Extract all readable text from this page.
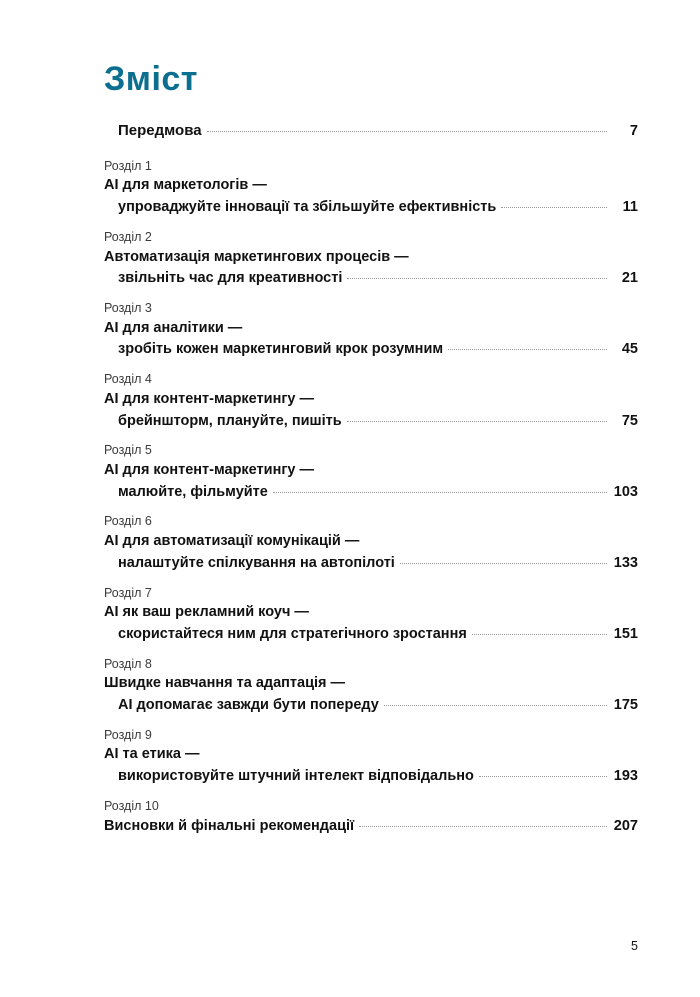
Зміст
Передмова	7
Розділ 1
AI для маркетологів —
упроваджуйте інновації та збільшуйте ефективність	11
Розділ 2
Автоматизація маркетингових процесів —
звільніть час для креативності	21
Розділ 3
AI для аналітики —
зробіть кожен маркетинговий крок розумним	45
Розділ 4
AI для контент-маркетингу —
брейншторм, плануйте, пишіть	75
Розділ 5
AI для контент-маркетингу —
малюйте, фільмуйте	103
Розділ 6
AI для автоматизації комунікацій —
налаштуйте спілкування на автопілоті	133
Розділ 7
AI як ваш рекламний коуч —
скористайтеся ним для стратегічного зростання	151
Розділ 8
Швидке навчання та адаптація —
AI допомагає завжди бути попереду	175
Розділ 9
AI та етика —
використовуйте штучний інтелект відповідально	193
Розділ 10
Висновки й фінальні рекомендації	207
5
